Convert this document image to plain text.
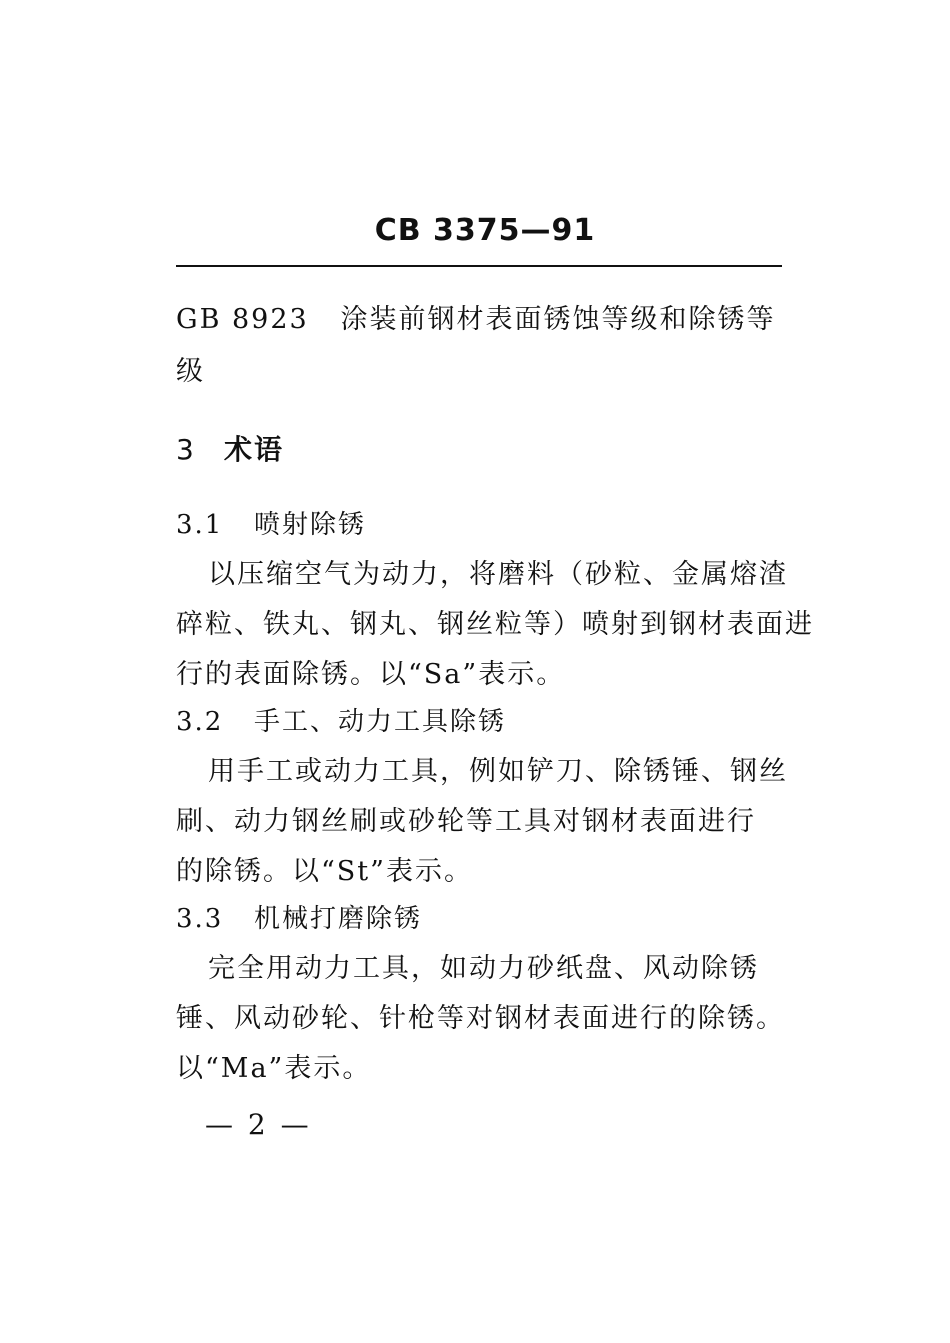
CB 3375—91
GB 8923 涂装前钢材表面锈蚀等级和除锈等
级
3 术语
3.1 喷射除锈
以压缩空气为动力，将磨料（砂粒、金属熔渣
碎粒、铁丸、钢丸、钢丝粒等）喷射到钢材表面进
行的表面除锈。以“Sa”表示。
3.2 手工、动力工具除锈
用手工或动力工具，例如铲刀、除锈锤、钢丝
刷、动力钢丝刷或砂轮等工具对钢材表面进行
的除锈。以“St”表示。
3.3 机械打磨除锈
完全用动力工具，如动力砂纸盘、风动除锈
锤、风动砂轮、针枪等对钢材表面进行的除锈。
以“Ma”表示。
— 2 —
